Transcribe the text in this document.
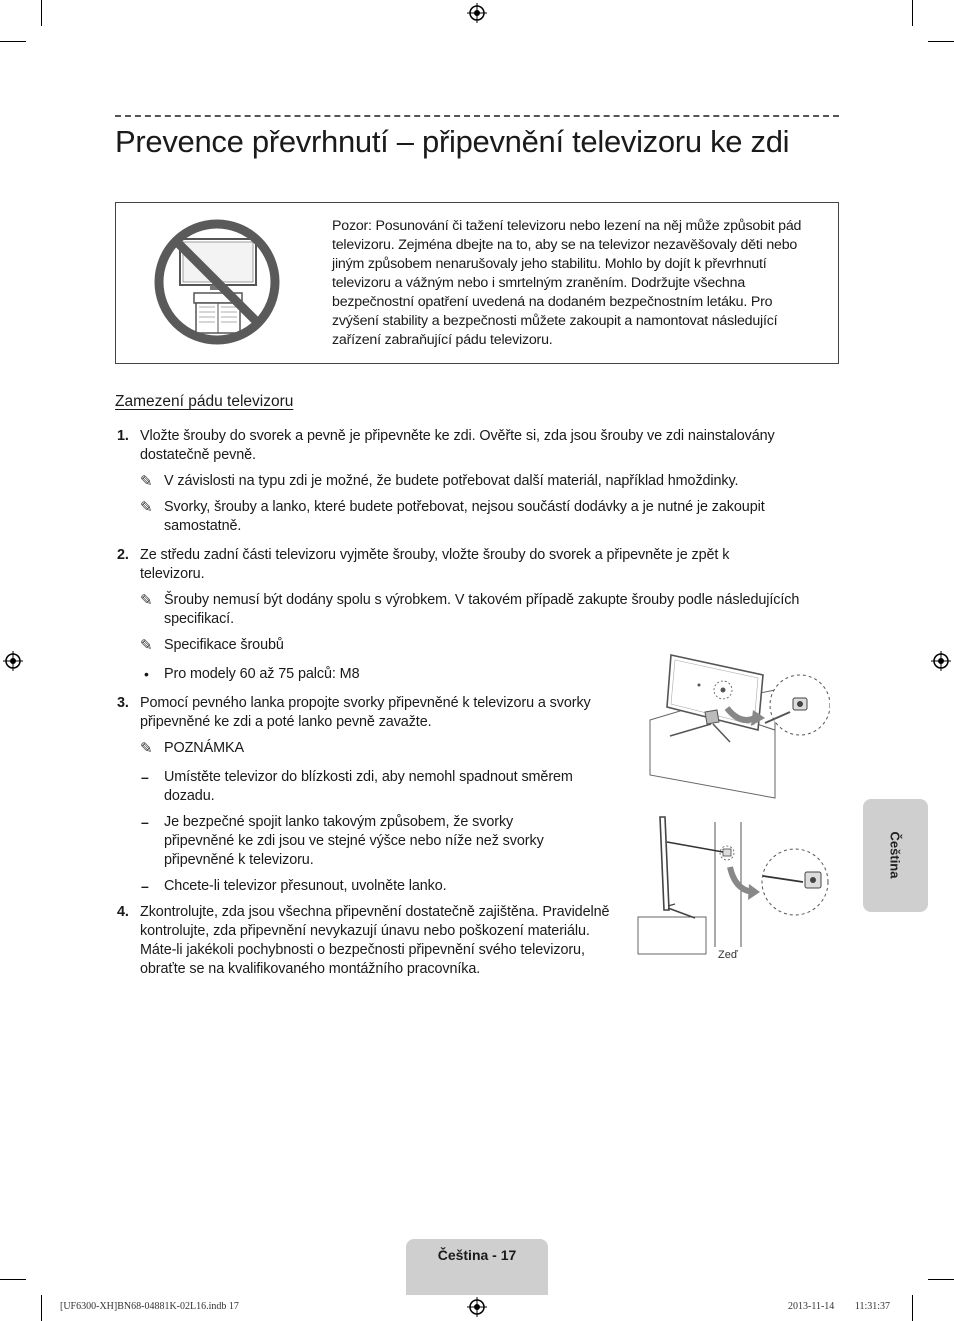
Prevence převrhnutí – připevnění televizoru ke zdi
Pozor: Posunování či tažení televizoru nebo lezení na něj může způsobit pád televizoru. Zejména dbejte na to, aby se na televizor nezavěšovaly děti nebo jiným způsobem nenarušovaly jeho stabilitu. Mohlo by dojít k převrhnutí televizoru a vážným nebo i smrtelným zraněním. Dodržujte všechna bezpečnostní opatření uvedená na dodaném bezpečnostním letáku. Pro zvýšení stability a bezpečnosti můžete zakoupit a namontovat následující zařízení zabraňující pádu televizoru.
Zamezení pádu televizoru
1. Vložte šrouby do svorek a pevně je připevněte ke zdi. Ověřte si, zda jsou šrouby ve zdi nainstalovány dostatečně pevně.
✎ V závislosti na typu zdi je možné, že budete potřebovat další materiál, například hmoždinky.
✎ Svorky, šrouby a lanko, které budete potřebovat, nejsou součástí dodávky a je nutné je zakoupit samostatně.
2. Ze středu zadní části televizoru vyjměte šrouby, vložte šrouby do svorek a připevněte je zpět k televizoru.
✎ Šrouby nemusí být dodány spolu s výrobkem. V takovém případě zakupte šrouby podle následujících specifikací.
✎ Specifikace šroubů
• Pro modely 60 až 75 palců: M8
3. Pomocí pevného lanka propojte svorky připevněné k televizoru a svorky připevněné ke zdi a poté lanko pevně zavažte.
✎ POZNÁMKA
– Umístěte televizor do blízkosti zdi, aby nemohl spadnout směrem dozadu.
– Je bezpečné spojit lanko takovým způsobem, že svorky připevněné ke zdi jsou ve stejné výšce nebo níže než svorky připevněné k televizoru.
– Chcete-li televizor přesunout, uvolněte lanko.
4. Zkontrolujte, zda jsou všechna připevnění dostatečně zajištěna. Pravidelně kontrolujte, zda připevnění nevykazují únavu nebo poškození materiálu. Máte-li jakékoli pochybnosti o bezpečnosti připevnění svého televizoru, obraťte se na kvalifikovaného montážního pracovníka.
Zeď
Čeština
Čeština - 17
[UF6300-XH]BN68-04881K-02L16.indb 17	2013-11-14 ￿￿ 11:31:37
